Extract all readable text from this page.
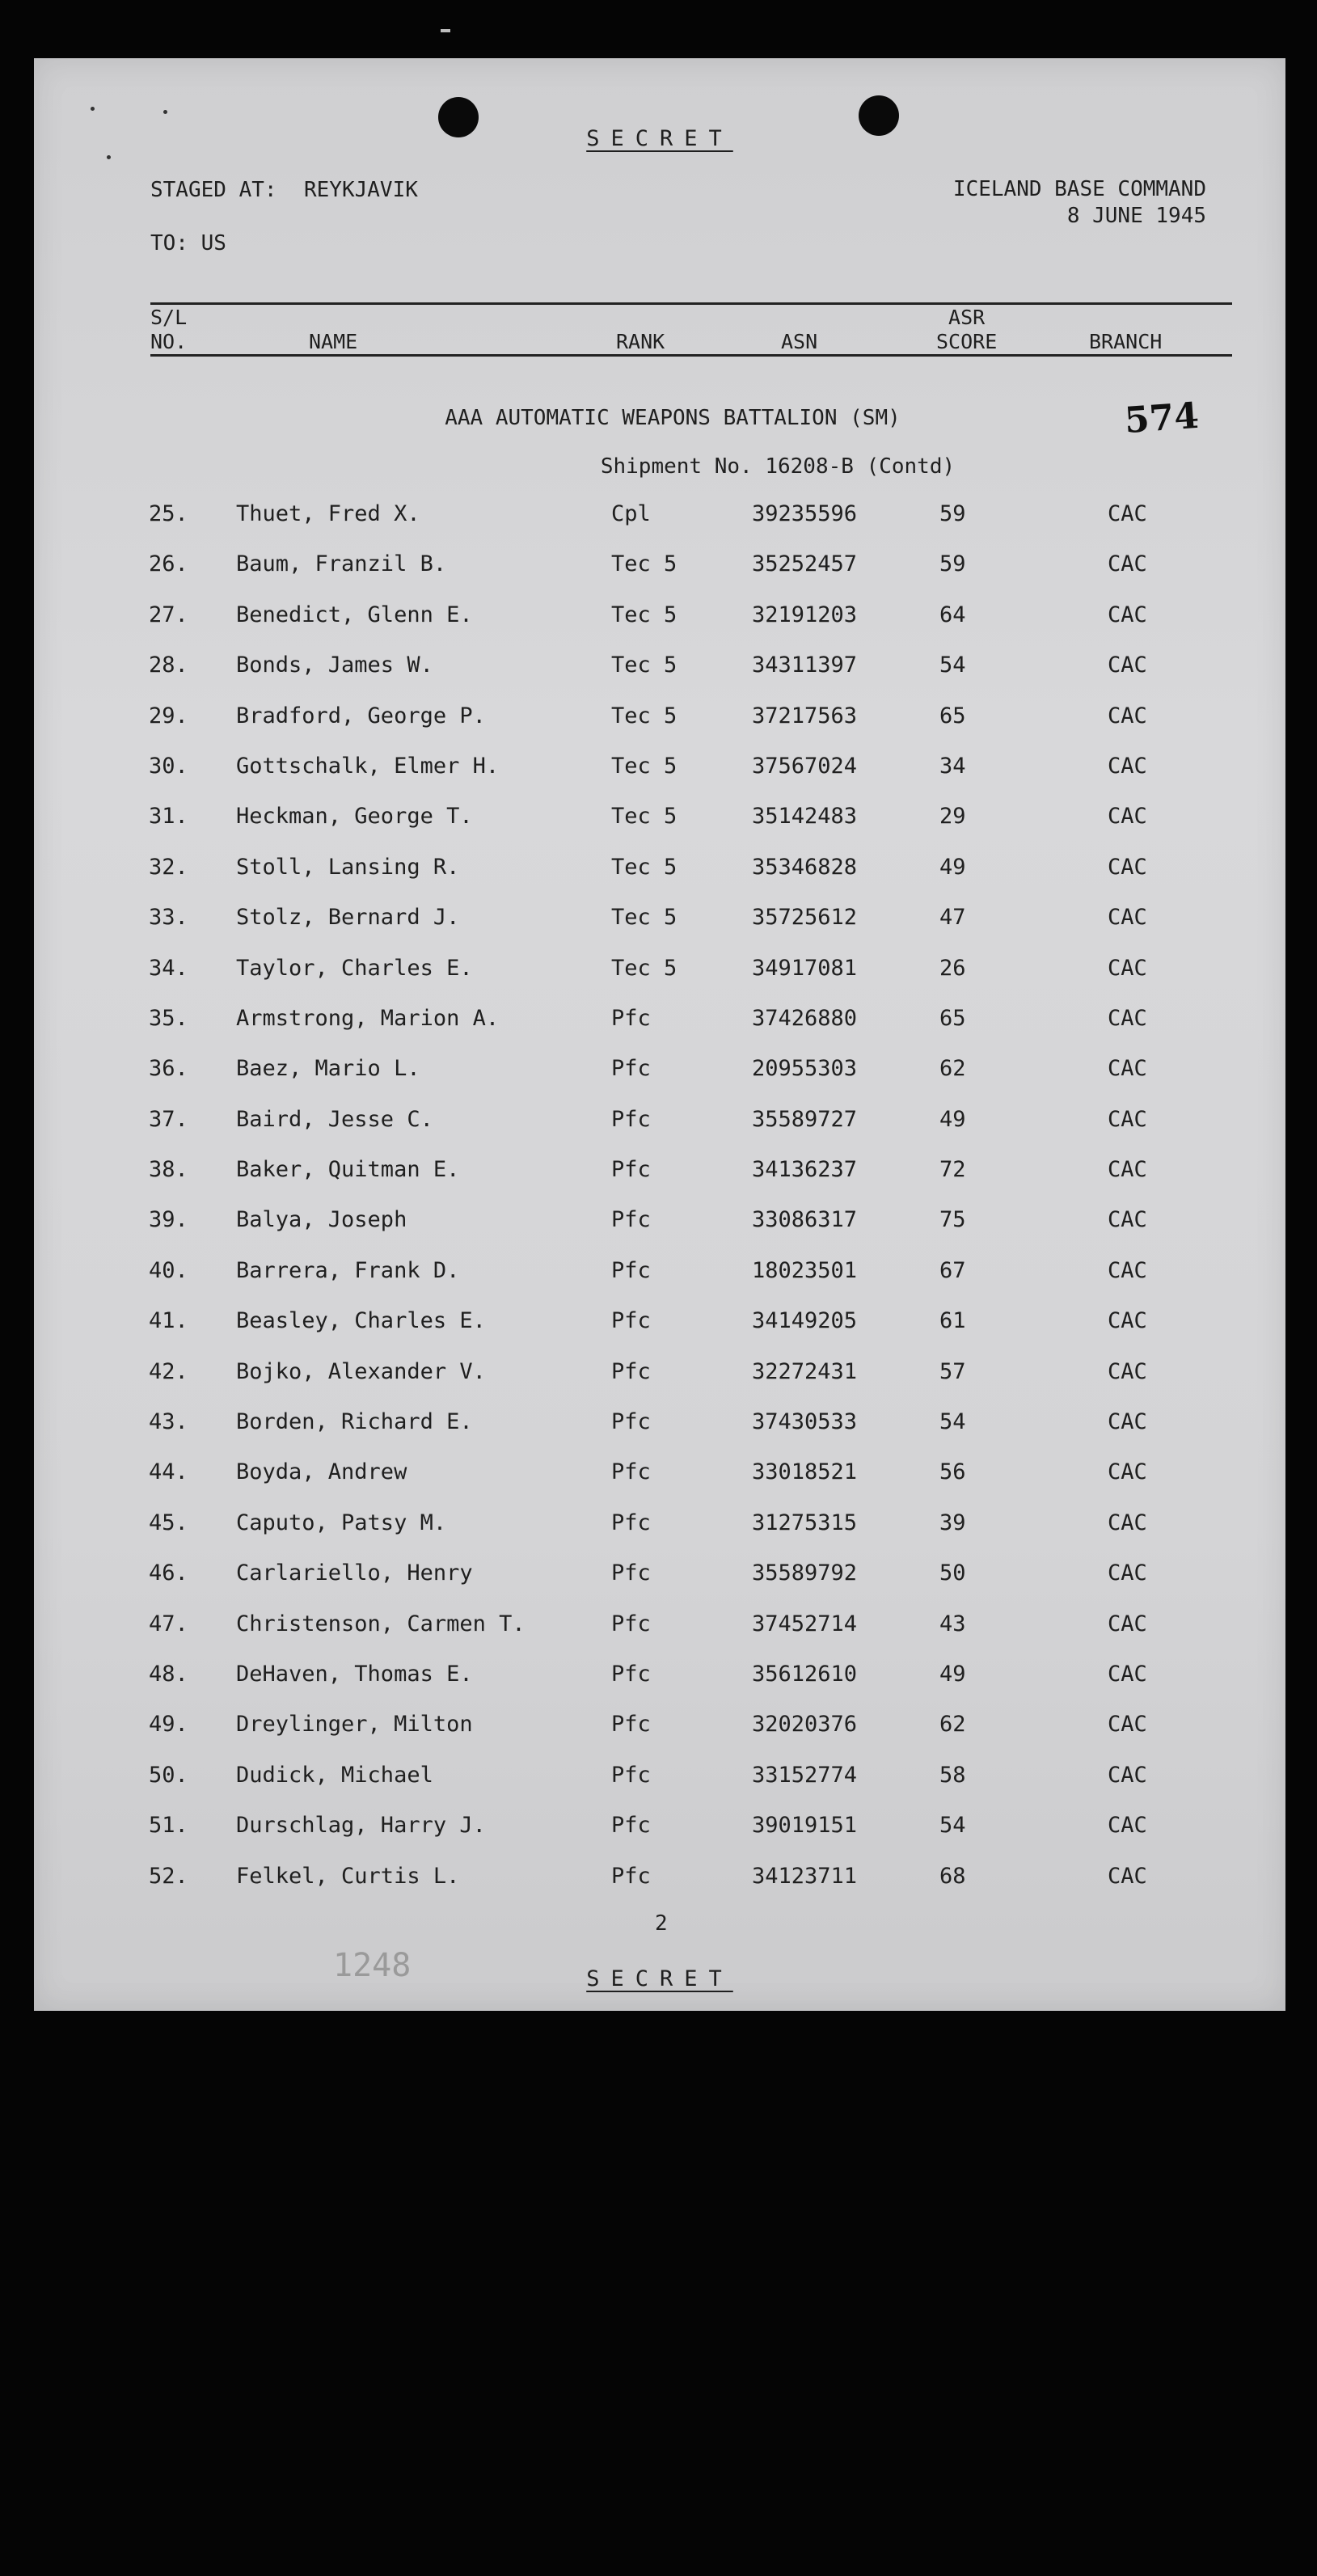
SECRET
STAGED AT: REYKJAVIK	ICELAND BASE COMMAND
8 JUNE 1945
TO: US
S/L
NO.	NAME	RANK	ASN
ASR
SCORE	BRANCH
AAA AUTOMATIC WEAPONS BATTALION (SM)
Shipment No. 16208-B (Contd)
574
25. Thuet, Fred X.	Cpl	39235596	59	CAC
26. Baum, Franzil B.	Tec 5	35252457	59	CAC
27. Benedict, Glenn E.	Tec 5	32191203	64	CAC
28. Bonds, James W.	Tec 5	34311397	54	CAC
29. Bradford, George P.	Tec 5	37217563	65	CAC
30. Gottschalk, Elmer H.	Tec 5	37567024	34	CAC
31. Heckman, George T.	Tec 5	35142483	29	CAC
32. Stoll, Lansing R.	Tec 5	35346828	49	CAC
33. Stolz, Bernard J.	Tec 5	35725612	47	CAC
34. Taylor, Charles E.	Tec 5	34917081	26	CAC
35. Armstrong, Marion A.	Pfc	37426880	65	CAC
36. Baez, Mario L.	Pfc	20955303	62	CAC
37. Baird, Jesse C.	Pfc	35589727	49	CAC
38. Baker, Quitman E.	Pfc	34136237	72	CAC
39. Balya, Joseph	Pfc	33086317	75	CAC
40. Barrera, Frank D.	Pfc	18023501	67	CAC
41. Beasley, Charles E.	Pfc	34149205	61	CAC
42. Bojko, Alexander V.	Pfc	32272431	57	CAC
43. Borden, Richard E.	Pfc	37430533	54	CAC
44. Boyda, Andrew	Pfc	33018521	56	CAC
45. Caputo, Patsy M.	Pfc	31275315	39	CAC
46. Carlariello, Henry	Pfc	35589792	50	CAC
47. Christenson, Carmen T.	Pfc	37452714	43	CAC
48. DeHaven, Thomas E.	Pfc	35612610	49	CAC
49. Dreylinger, Milton	Pfc	32020376	62	CAC
50. Dudick, Michael	Pfc	33152774	58	CAC
51. Durschlag, Harry J.	Pfc	39019151	54	CAC
52. Felkel, Curtis L.	Pfc	34123711	68	CAC
2
1248	SECRET
